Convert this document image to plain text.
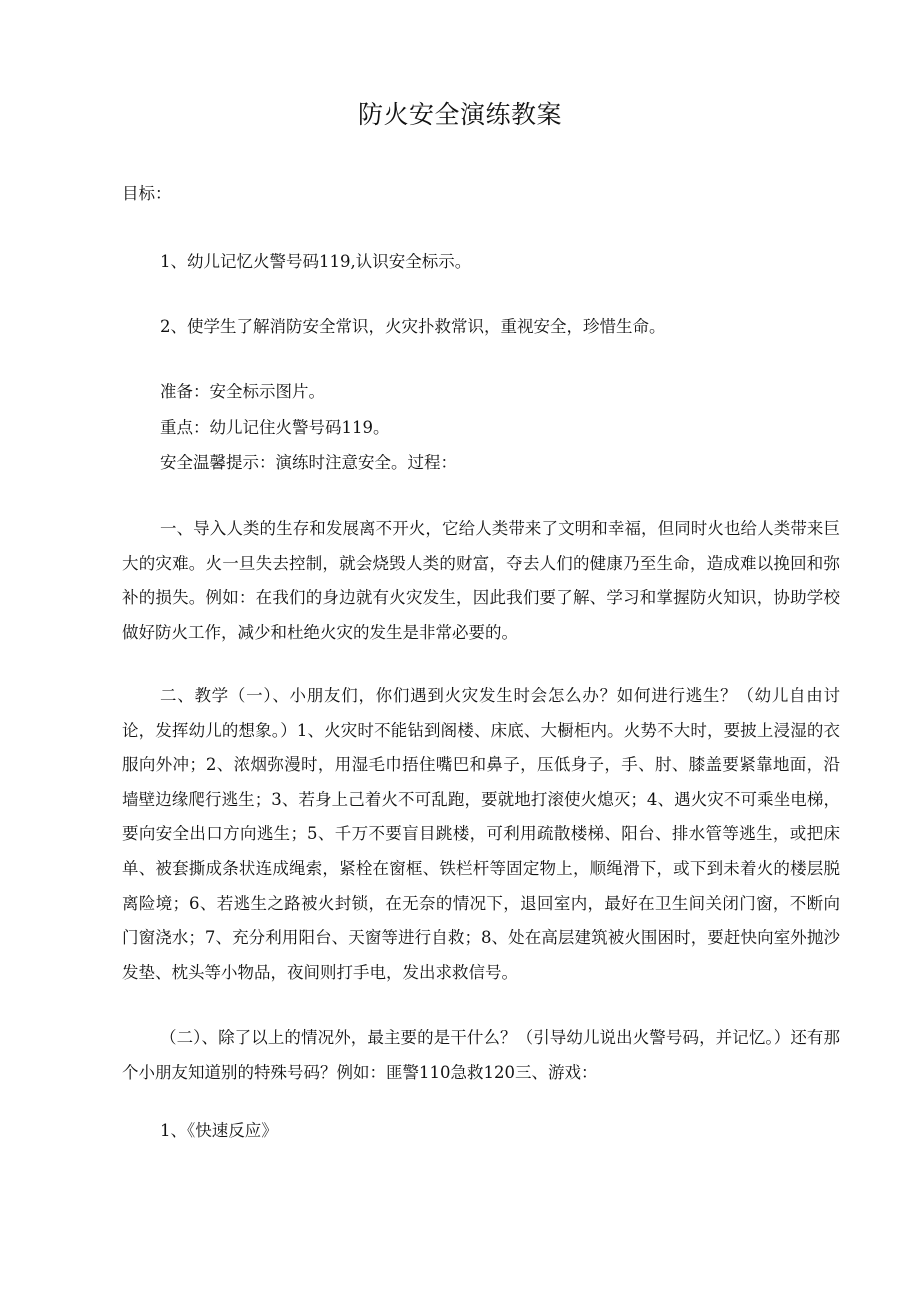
防火安全演练教案
目标：
1、幼儿记忆火警号码119,认识安全标示。
2、使学生了解消防安全常识，火灾扑救常识，重视安全，珍惜生命。
准备：安全标示图片。
重点：幼儿记住火警号码119。
安全温馨提示：演练时注意安全。过程：
一、导入人类的生存和发展离不开火，它给人类带来了文明和幸福，但同时火也给人类带来巨大的灾难。火一旦失去控制，就会烧毁人类的财富，夺去人们的健康乃至生命，造成难以挽回和弥补的损失。例如：在我们的身边就有火灾发生，因此我们要了解、学习和掌握防火知识，协助学校做好防火工作，减少和杜绝火灾的发生是非常必要的。
二、教学（一）、小朋友们，你们遇到火灾发生时会怎么办？如何进行逃生？（幼儿自由讨论，发挥幼儿的想象。）1、火灾时不能钻到阁楼、床底、大橱柜内。火势不大时，要披上浸湿的衣服向外冲；2、浓烟弥漫时，用湿毛巾捂住嘴巴和鼻子，压低身子，手、肘、膝盖要紧靠地面，沿墙壁边缘爬行逃生；3、若身上己着火不可乱跑，要就地打滚使火熄灭；4、遇火灾不可乘坐电梯，要向安全出口方向逃生；5、千万不要盲目跳楼，可利用疏散楼梯、阳台、排水管等逃生，或把床单、被套撕成条状连成绳索，紧栓在窗框、铁栏杆等固定物上，顺绳滑下，或下到未着火的楼层脱离险境；6、若逃生之路被火封锁，在无奈的情况下，退回室内，最好在卫生间关闭门窗，不断向门窗浇水；7、充分利用阳台、天窗等进行自救；8、处在高层建筑被火围困时，要赶快向室外抛沙发垫、枕头等小物品，夜间则打手电，发出求救信号。
（二）、除了以上的情况外，最主要的是干什么？（引导幼儿说出火警号码，并记忆。）还有那个小朋友知道别的特殊号码？例如：匪警110急救120三、游戏：
1、《快速反应》
